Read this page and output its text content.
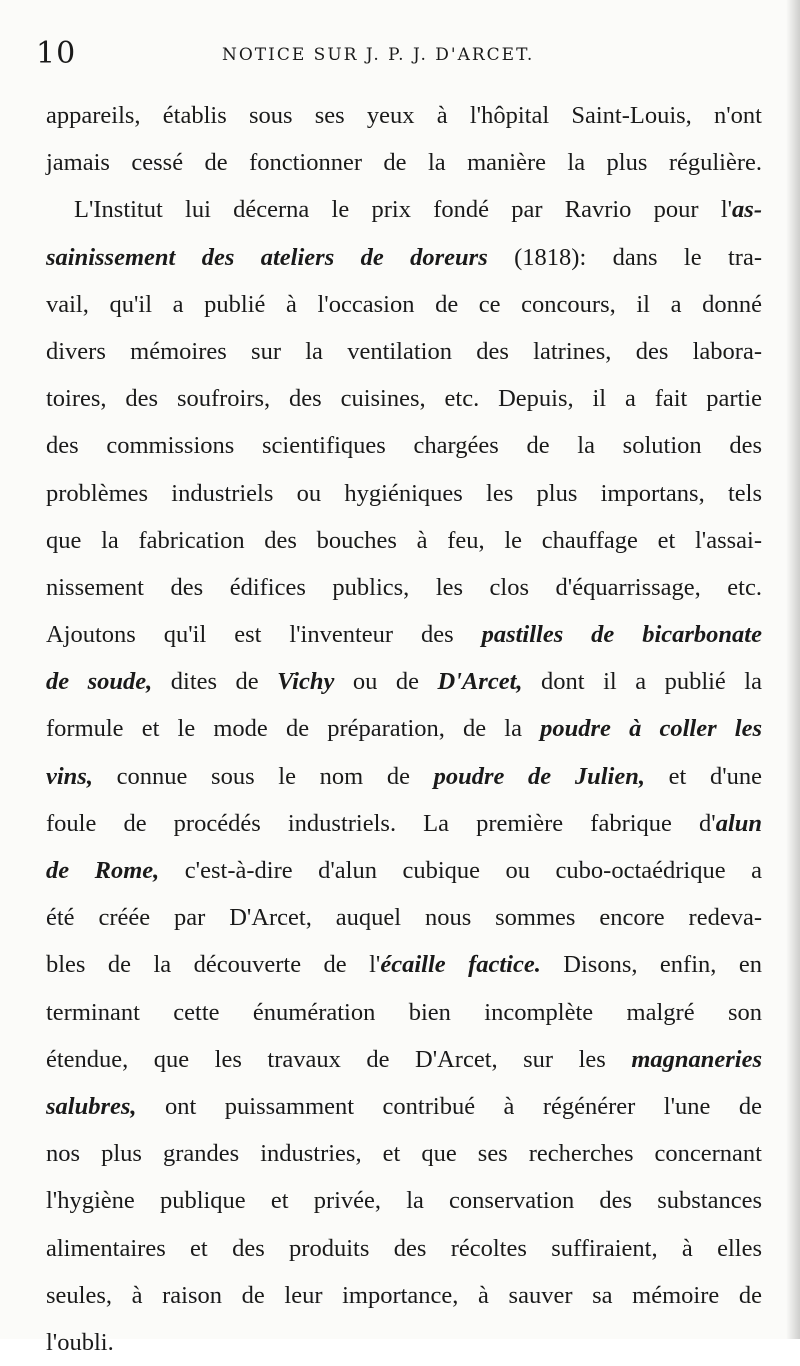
10	NOTICE SUR J. P. J. D'ARCET.
appareils, établis sous ses yeux à l'hôpital Saint-Louis, n'ont
jamais cessé de fonctionner de la manière la plus régulière.
L'Institut lui décerna le prix fondé par Ravrio pour l'as-
sainissement des ateliers de doreurs (1818): dans le tra-
vail, qu'il a publié à l'occasion de ce concours, il a donné
divers mémoires sur la ventilation des latrines, des labora-
toires, des soufroirs, des cuisines, etc. Depuis, il a fait partie
des commissions scientifiques chargées de la solution des
problèmes industriels ou hygiéniques les plus importans, tels
que la fabrication des bouches à feu, le chauffage et l'assai-
nissement des édifices publics, les clos d'équarrissage, etc.
Ajoutons qu'il est l'inventeur des pastilles de bicarbonate
de soude, dites de Vichy ou de D'Arcet, dont il a publié la
formule et le mode de préparation, de la poudre à coller les
vins, connue sous le nom de poudre de Julien, et d'une
foule de procédés industriels. La première fabrique d'alun
de Rome, c'est-à-dire d'alun cubique ou cubo-octaédrique a
été créée par D'Arcet, auquel nous sommes encore redeva-
bles de la découverte de l'écaille factice. Disons, enfin, en
terminant cette énumération bien incomplète malgré son
étendue, que les travaux de D'Arcet, sur les magnaneries
salubres, ont puissamment contribué à régénérer l'une de
nos plus grandes industries, et que ses recherches concernant
l'hygiène publique et privée, la conservation des substances
alimentaires et des produits des récoltes suffiraient, à elles
seules, à raison de leur importance, à sauver sa mémoire de
l'oubli.
